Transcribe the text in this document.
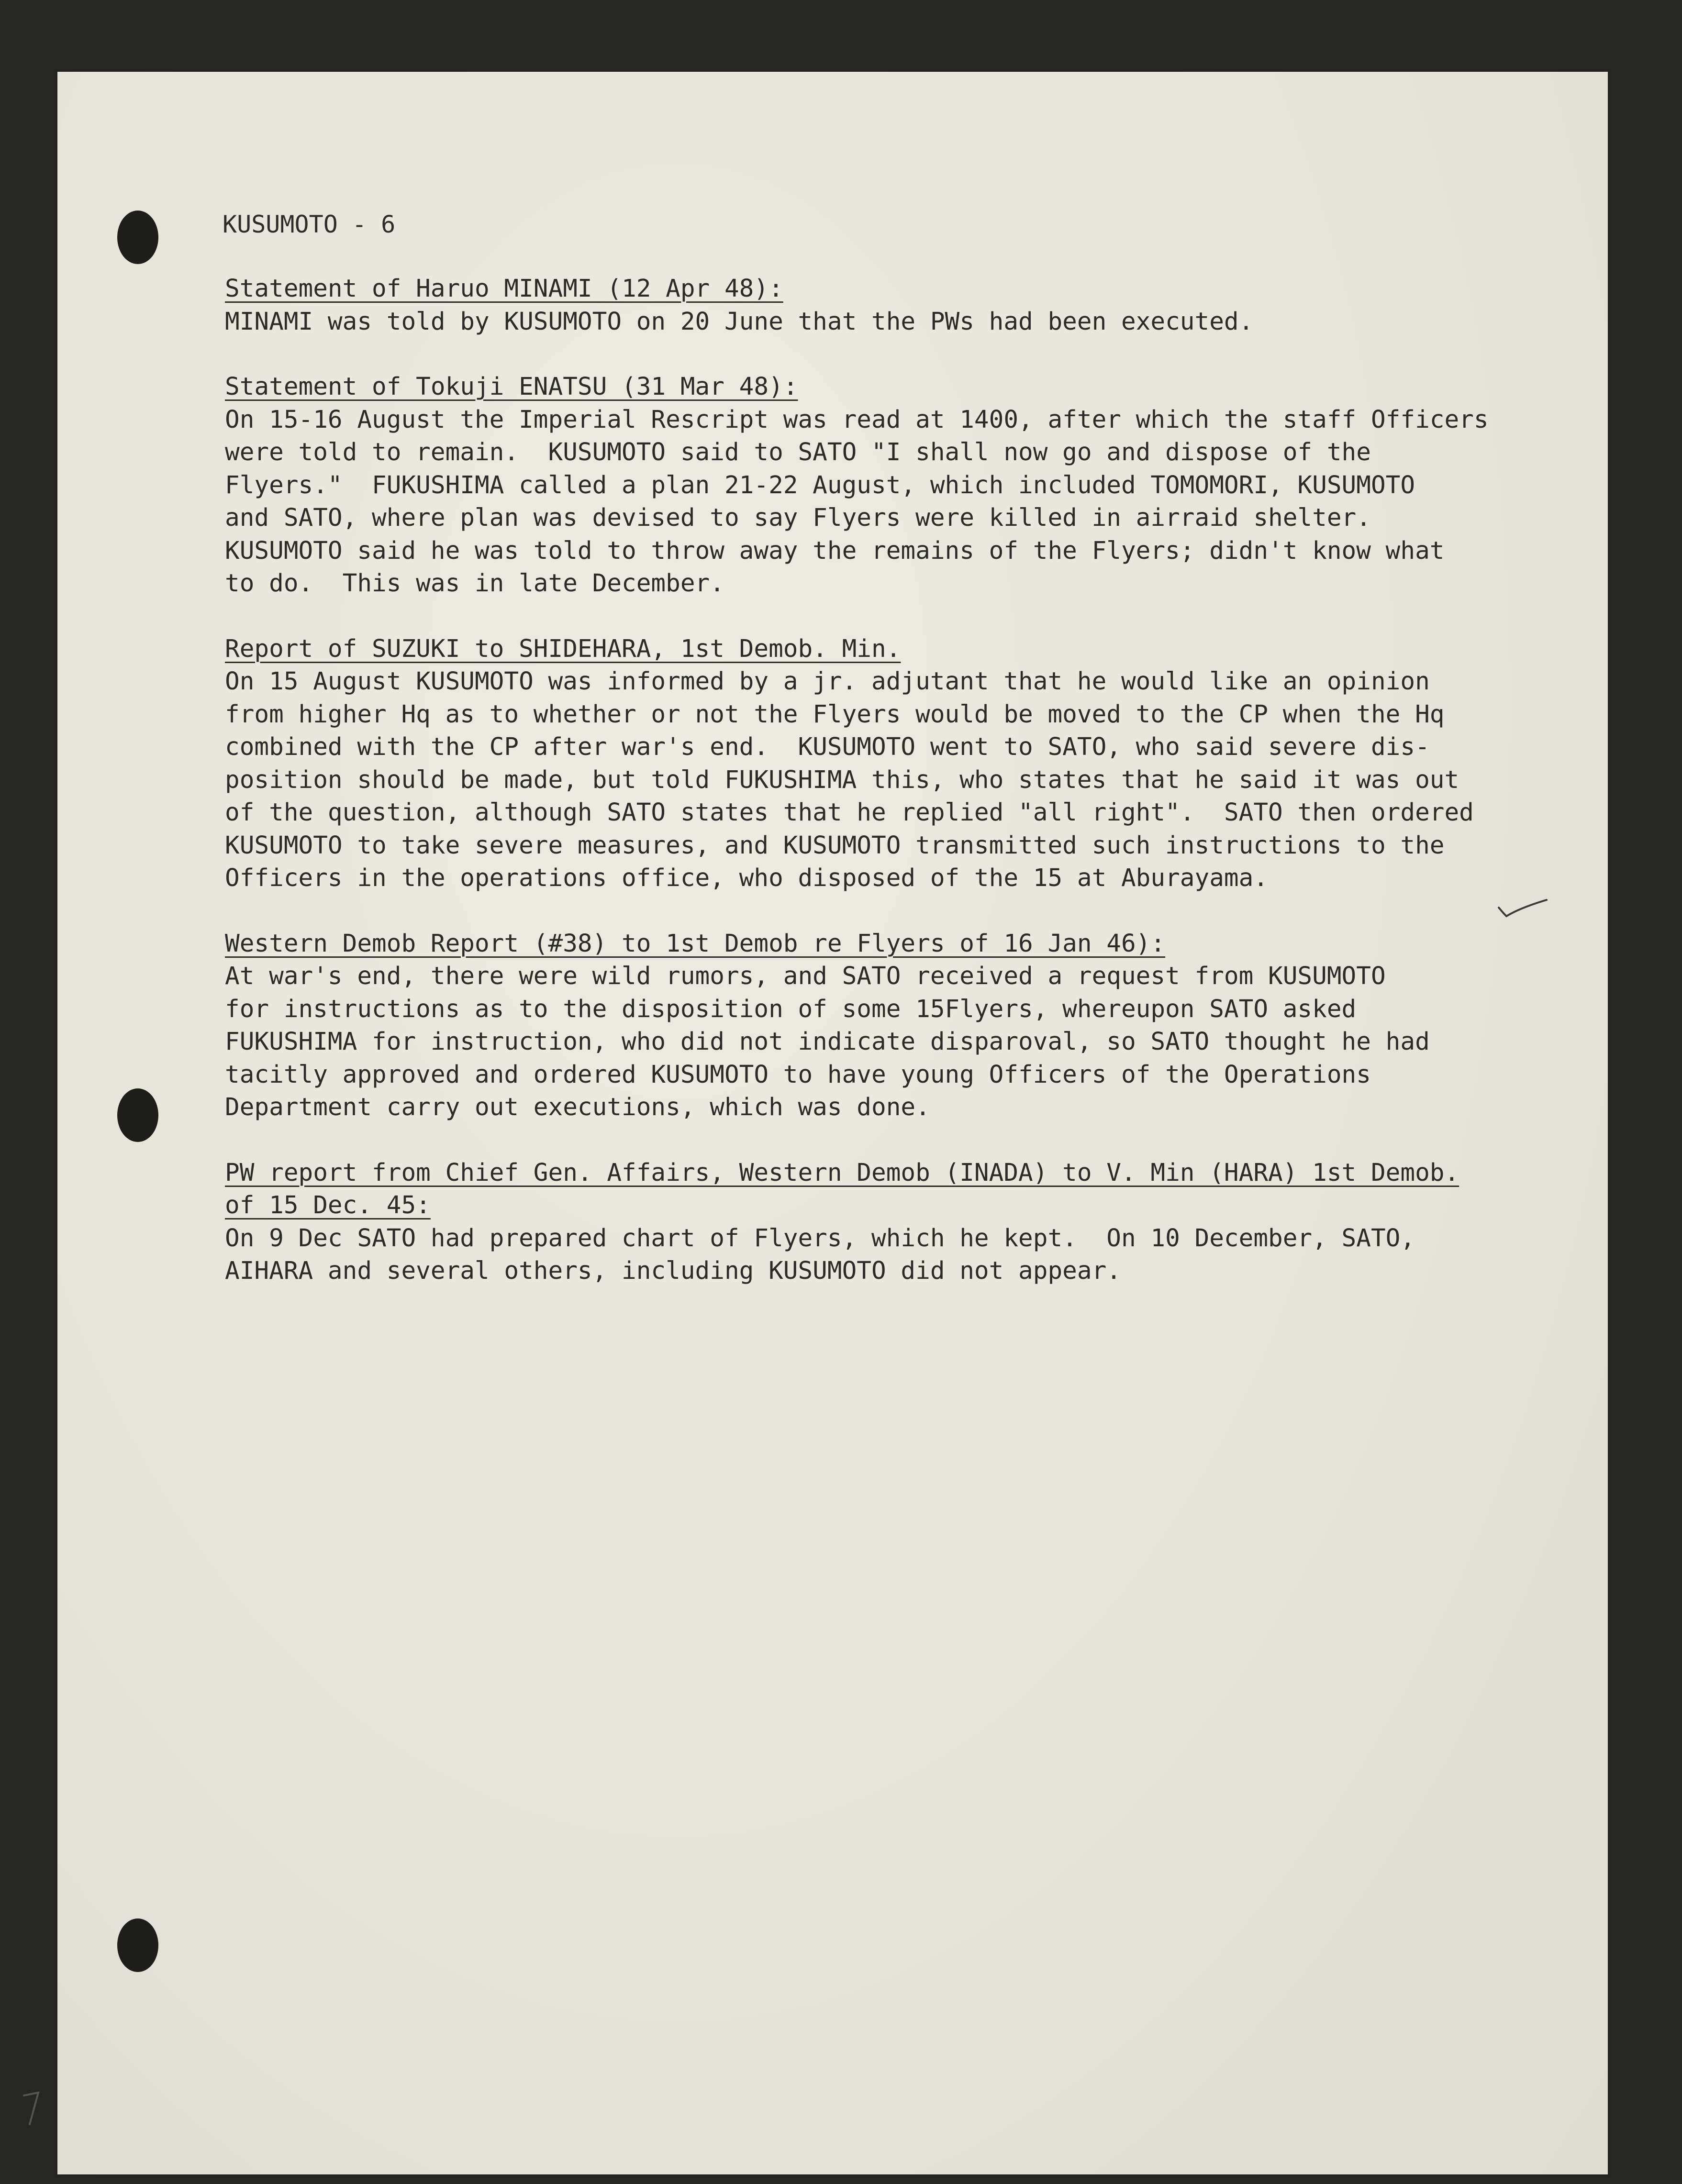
KUSUMOTO - 6
Statement of Haruo MINAMI (12 Apr 48):
MINAMI was told by KUSUMOTO on 20 June that the PWs had been executed.
Statement of Tokuji ENATSU (31 Mar 48):
On 15-16 August the Imperial Rescript was read at 1400, after which the staff Officers
were told to remain.  KUSUMOTO said to SATO "I shall now go and dispose of the
Flyers."  FUKUSHIMA called a plan 21-22 August, which included TOMOMORI, KUSUMOTO
and SATO, where plan was devised to say Flyers were killed in airraid shelter.
KUSUMOTO said he was told to throw away the remains of the Flyers; didn't know what
to do.  This was in late December.
Report of SUZUKI to SHIDEHARA, 1st Demob. Min.
On 15 August KUSUMOTO was informed by a jr. adjutant that he would like an opinion
from higher Hq as to whether or not the Flyers would be moved to the CP when the Hq
combined with the CP after war's end.  KUSUMOTO went to SATO, who said severe dis-
position should be made, but told FUKUSHIMA this, who states that he said it was out
of the question, although SATO states that he replied "all right".  SATO then ordered
KUSUMOTO to take severe measures, and KUSUMOTO transmitted such instructions to the
Officers in the operations office, who disposed of the 15 at Aburayama.
Western Demob Report (#38) to 1st Demob re Flyers of 16 Jan 46):
At war's end, there were wild rumors, and SATO received a request from KUSUMOTO
for instructions as to the disposition of some 15Flyers, whereupon SATO asked
FUKUSHIMA for instruction, who did not indicate disparoval, so SATO thought he had
tacitly approved and ordered KUSUMOTO to have young Officers of the Operations
Department carry out executions, which was done.
PW report from Chief Gen. Affairs, Western Demob (INADA) to V. Min (HARA) 1st Demob.
of 15 Dec. 45:
On 9 Dec SATO had prepared chart of Flyers, which he kept.  On 10 December, SATO,
AIHARA and several others, including KUSUMOTO did not appear.
